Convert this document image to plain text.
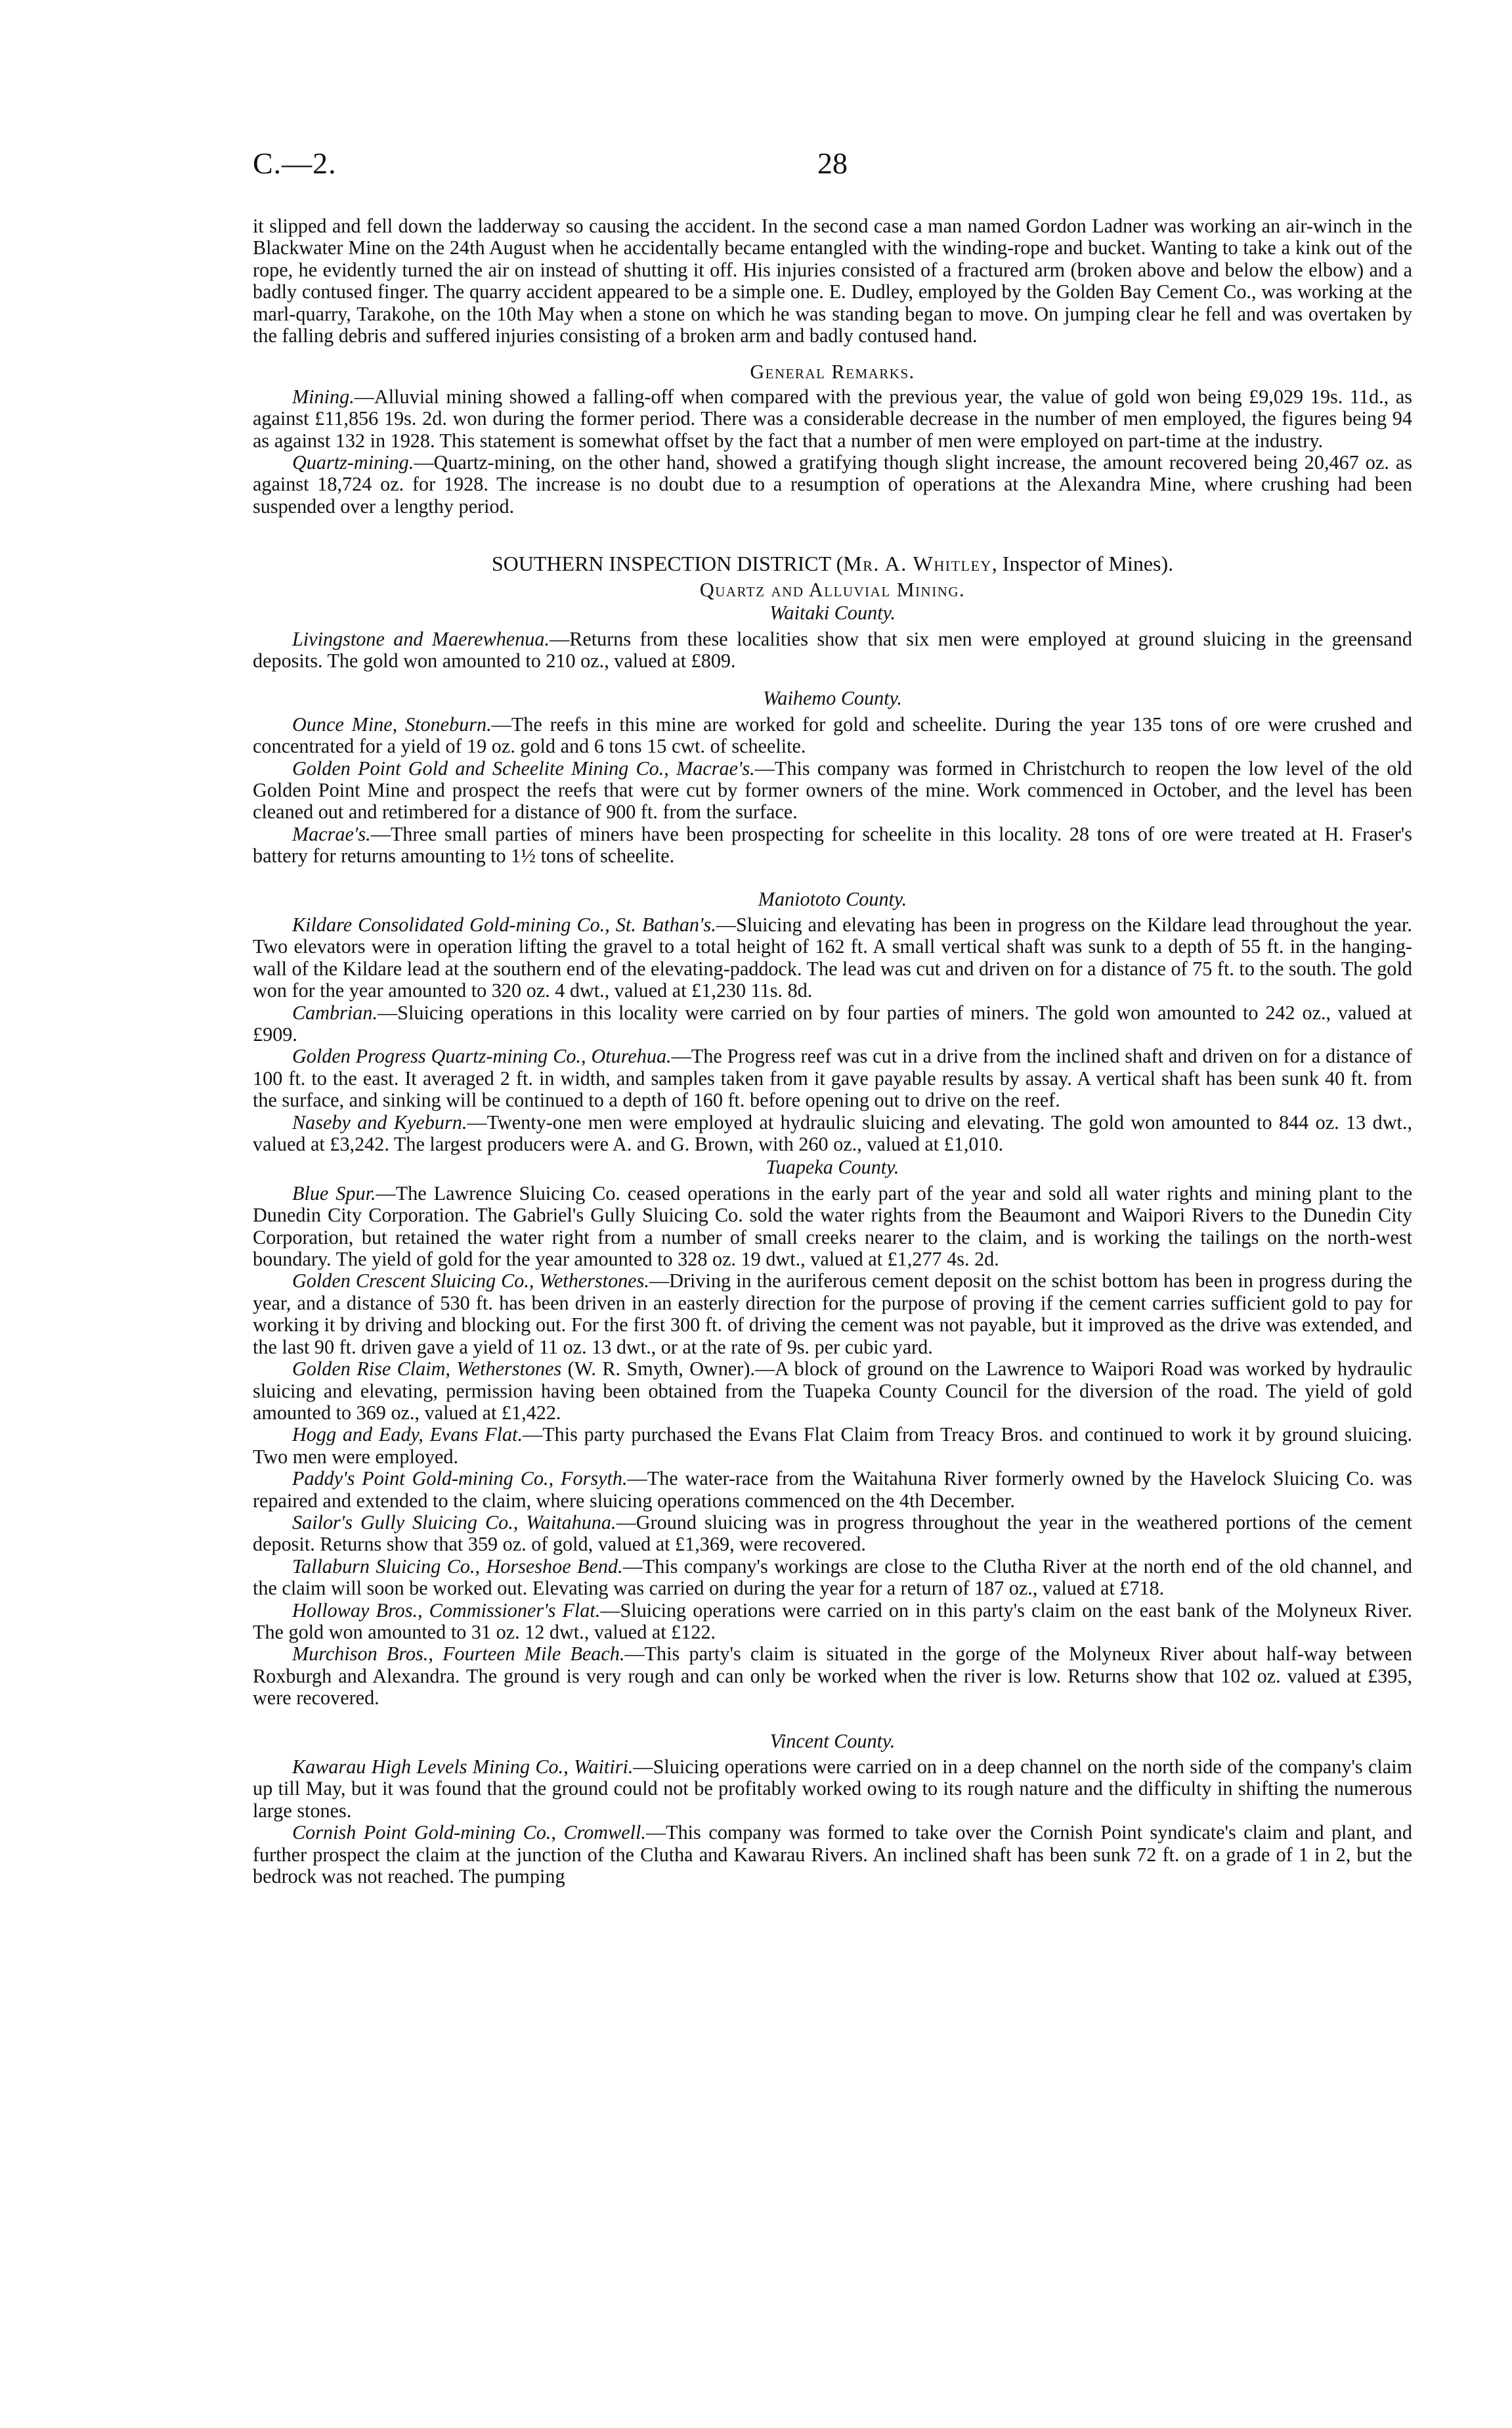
C.—2.	28

it slipped and fell down the ladderway so causing the accident. In the second case a man named Gordon Ladner was working an air-winch in the Blackwater Mine on the 24th August when he accidentally became entangled with the winding-rope and bucket. Wanting to take a kink out of the rope, he evidently turned the air on instead of shutting it off. His injuries consisted of a fractured arm (broken above and below the elbow) and a badly contused finger. The quarry accident appeared to be a simple one. E. Dudley, employed by the Golden Bay Cement Co., was working at the marl-quarry, Tarakohe, on the 10th May when a stone on which he was standing began to move. On jumping clear he fell and was overtaken by the falling debris and suffered injuries consisting of a broken arm and badly contused hand.

General Remarks.

Mining.—Alluvial mining showed a falling-off when compared with the previous year, the value of gold won being £9,029 19s. 11d., as against £11,856 19s. 2d. won during the former period. There was a considerable decrease in the number of men employed, the figures being 94 as against 132 in 1928. This statement is somewhat offset by the fact that a number of men were employed on part-time at the industry.

Quartz-mining.—Quartz-mining, on the other hand, showed a gratifying though slight increase, the amount recovered being 20,467 oz. as against 18,724 oz. for 1928. The increase is no doubt due to a resumption of operations at the Alexandra Mine, where crushing had been suspended over a lengthy period.

SOUTHERN INSPECTION DISTRICT (Mr. A. Whitley, Inspector of Mines).

Quartz and Alluvial Mining.

Waitaki County.

Livingstone and Maerewhenua.—Returns from these localities show that six men were employed at ground sluicing in the greensand deposits. The gold won amounted to 210 oz., valued at £809.

Waihemo County.

Ounce Mine, Stoneburn.—The reefs in this mine are worked for gold and scheelite. During the year 135 tons of ore were crushed and concentrated for a yield of 19 oz. gold and 6 tons 15 cwt. of scheelite.

Golden Point Gold and Scheelite Mining Co., Macrae's.—This company was formed in Christchurch to reopen the low level of the old Golden Point Mine and prospect the reefs that were cut by former owners of the mine. Work commenced in October, and the level has been cleaned out and retimbered for a distance of 900 ft. from the surface.

Macrae's.—Three small parties of miners have been prospecting for scheelite in this locality. 28 tons of ore were treated at H. Fraser's battery for returns amounting to 1½ tons of scheelite.

Maniototo County.

Kildare Consolidated Gold-mining Co., St. Bathan's.—Sluicing and elevating has been in progress on the Kildare lead throughout the year. Two elevators were in operation lifting the gravel to a total height of 162 ft. A small vertical shaft was sunk to a depth of 55 ft. in the hanging-wall of the Kildare lead at the southern end of the elevating-paddock. The lead was cut and driven on for a distance of 75 ft. to the south. The gold won for the year amounted to 320 oz. 4 dwt., valued at £1,230 11s. 8d.

Cambrian.—Sluicing operations in this locality were carried on by four parties of miners. The gold won amounted to 242 oz., valued at £909.

Golden Progress Quartz-mining Co., Oturehua.—The Progress reef was cut in a drive from the inclined shaft and driven on for a distance of 100 ft. to the east. It averaged 2 ft. in width, and samples taken from it gave payable results by assay. A vertical shaft has been sunk 40 ft. from the surface, and sinking will be continued to a depth of 160 ft. before opening out to drive on the reef.

Naseby and Kyeburn.—Twenty-one men were employed at hydraulic sluicing and elevating. The gold won amounted to 844 oz. 13 dwt., valued at £3,242. The largest producers were A. and G. Brown, with 260 oz., valued at £1,010.

Tuapeka County.

Blue Spur.—The Lawrence Sluicing Co. ceased operations in the early part of the year and sold all water rights and mining plant to the Dunedin City Corporation. The Gabriel's Gully Sluicing Co. sold the water rights from the Beaumont and Waipori Rivers to the Dunedin City Corporation, but retained the water right from a number of small creeks nearer to the claim, and is working the tailings on the north-west boundary. The yield of gold for the year amounted to 328 oz. 19 dwt., valued at £1,277 4s. 2d.

Golden Crescent Sluicing Co., Wetherstones.—Driving in the auriferous cement deposit on the schist bottom has been in progress during the year, and a distance of 530 ft. has been driven in an easterly direction for the purpose of proving if the cement carries sufficient gold to pay for working it by driving and blocking out. For the first 300 ft. of driving the cement was not payable, but it improved as the drive was extended, and the last 90 ft. driven gave a yield of 11 oz. 13 dwt., or at the rate of 9s. per cubic yard.

Golden Rise Claim, Wetherstones (W. R. Smyth, Owner).—A block of ground on the Lawrence to Waipori Road was worked by hydraulic sluicing and elevating, permission having been obtained from the Tuapeka County Council for the diversion of the road. The yield of gold amounted to 369 oz., valued at £1,422.

Hogg and Eady, Evans Flat.—This party purchased the Evans Flat Claim from Treacy Bros. and continued to work it by ground sluicing. Two men were employed.

Paddy's Point Gold-mining Co., Forsyth.—The water-race from the Waitahuna River formerly owned by the Havelock Sluicing Co. was repaired and extended to the claim, where sluicing operations commenced on the 4th December.

Sailor's Gully Sluicing Co., Waitahuna.—Ground sluicing was in progress throughout the year in the weathered portions of the cement deposit. Returns show that 359 oz. of gold, valued at £1,369, were recovered.

Tallaburn Sluicing Co., Horseshoe Bend.—This company's workings are close to the Clutha River at the north end of the old channel, and the claim will soon be worked out. Elevating was carried on during the year for a return of 187 oz., valued at £718.

Holloway Bros., Commissioner's Flat.—Sluicing operations were carried on in this party's claim on the east bank of the Molyneux River. The gold won amounted to 31 oz. 12 dwt., valued at £122.

Murchison Bros., Fourteen Mile Beach.—This party's claim is situated in the gorge of the Molyneux River about half-way between Roxburgh and Alexandra. The ground is very rough and can only be worked when the river is low. Returns show that 102 oz. valued at £395, were recovered.

Vincent County.

Kawarau High Levels Mining Co., Waitiri.—Sluicing operations were carried on in a deep channel on the north side of the company's claim up till May, but it was found that the ground could not be profitably worked owing to its rough nature and the difficulty in shifting the numerous large stones.

Cornish Point Gold-mining Co., Cromwell.—This company was formed to take over the Cornish Point syndicate's claim and plant, and further prospect the claim at the junction of the Clutha and Kawarau Rivers. An inclined shaft has been sunk 72 ft. on a grade of 1 in 2, but the bedrock was not reached. The pumping
